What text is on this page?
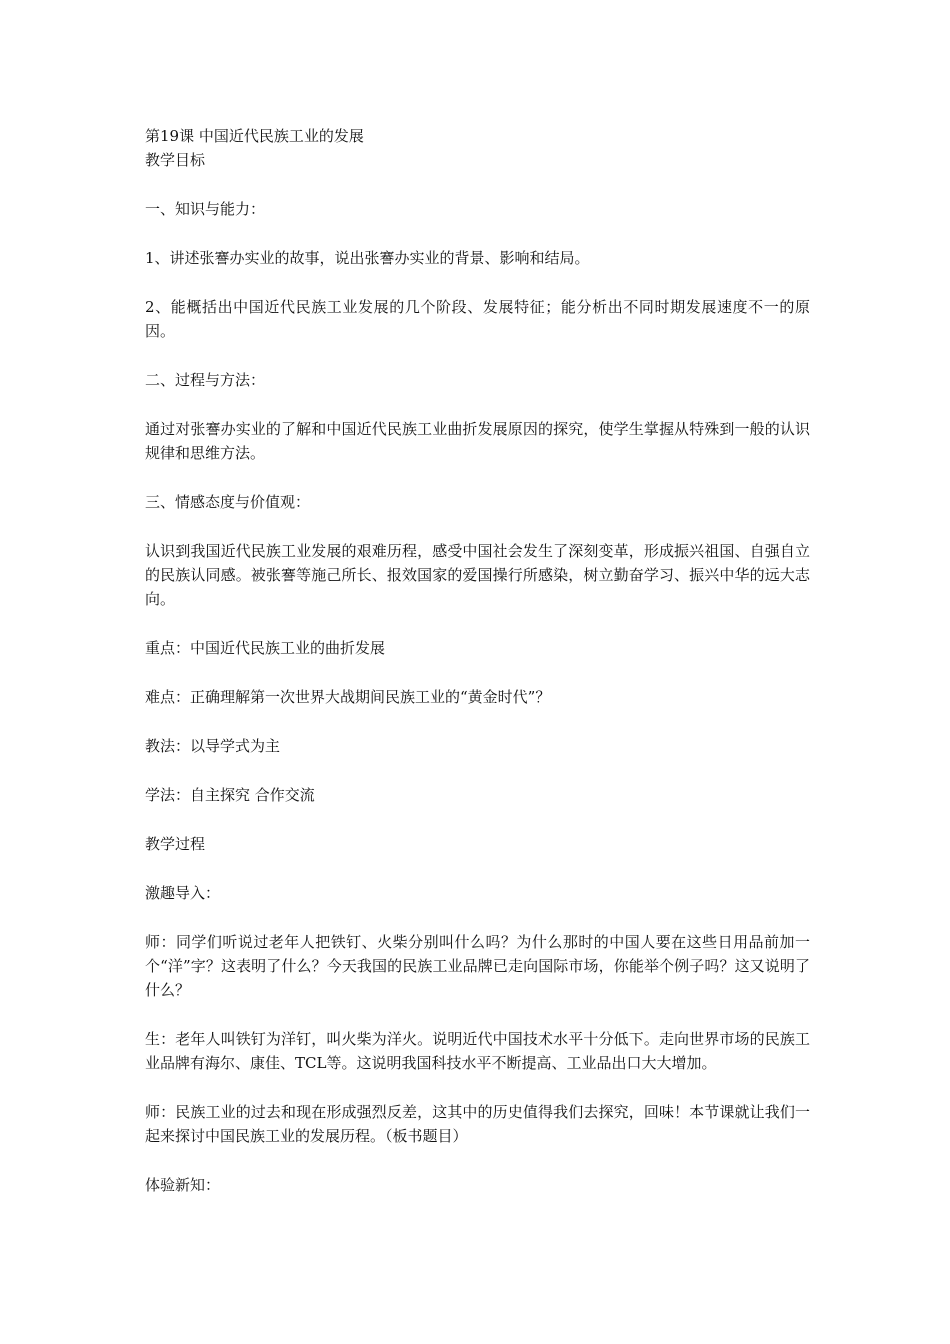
第19课 中国近代民族工业的发展

教学目标

一、知识与能力：

1、讲述张謇办实业的故事，说出张謇办实业的背景、影响和结局。

2、能概括出中国近代民族工业发展的几个阶段、发展特征；能分析出不同时期发展速度不一的原因。

二、过程与方法：

通过对张謇办实业的了解和中国近代民族工业曲折发展原因的探究，使学生掌握从特殊到一般的认识规律和思维方法。

三、情感态度与价值观：

认识到我国近代民族工业发展的艰难历程，感受中国社会发生了深刻变革，形成振兴祖国、自强自立的民族认同感。被张謇等施己所长、报效国家的爱国操行所感染，树立勤奋学习、振兴中华的远大志向。

重点：中国近代民族工业的曲折发展

难点：正确理解第一次世界大战期间民族工业的“黄金时代”？

教法：以导学式为主

学法：自主探究 合作交流

教学过程

激趣导入：

师：同学们听说过老年人把铁钉、火柴分别叫什么吗？为什么那时的中国人要在这些日用品前加一个“洋”字？这表明了什么？今天我国的民族工业品牌已走向国际市场，你能举个例子吗？这又说明了什么？

生：老年人叫铁钉为洋钉，叫火柴为洋火。说明近代中国技术水平十分低下。走向世界市场的民族工业品牌有海尔、康佳、TCL等。这说明我国科技水平不断提高、工业品出口大大增加。

师：民族工业的过去和现在形成强烈反差，这其中的历史值得我们去探究，回味！本节课就让我们一起来探讨中国民族工业的发展历程。（板书题目）

体验新知：
